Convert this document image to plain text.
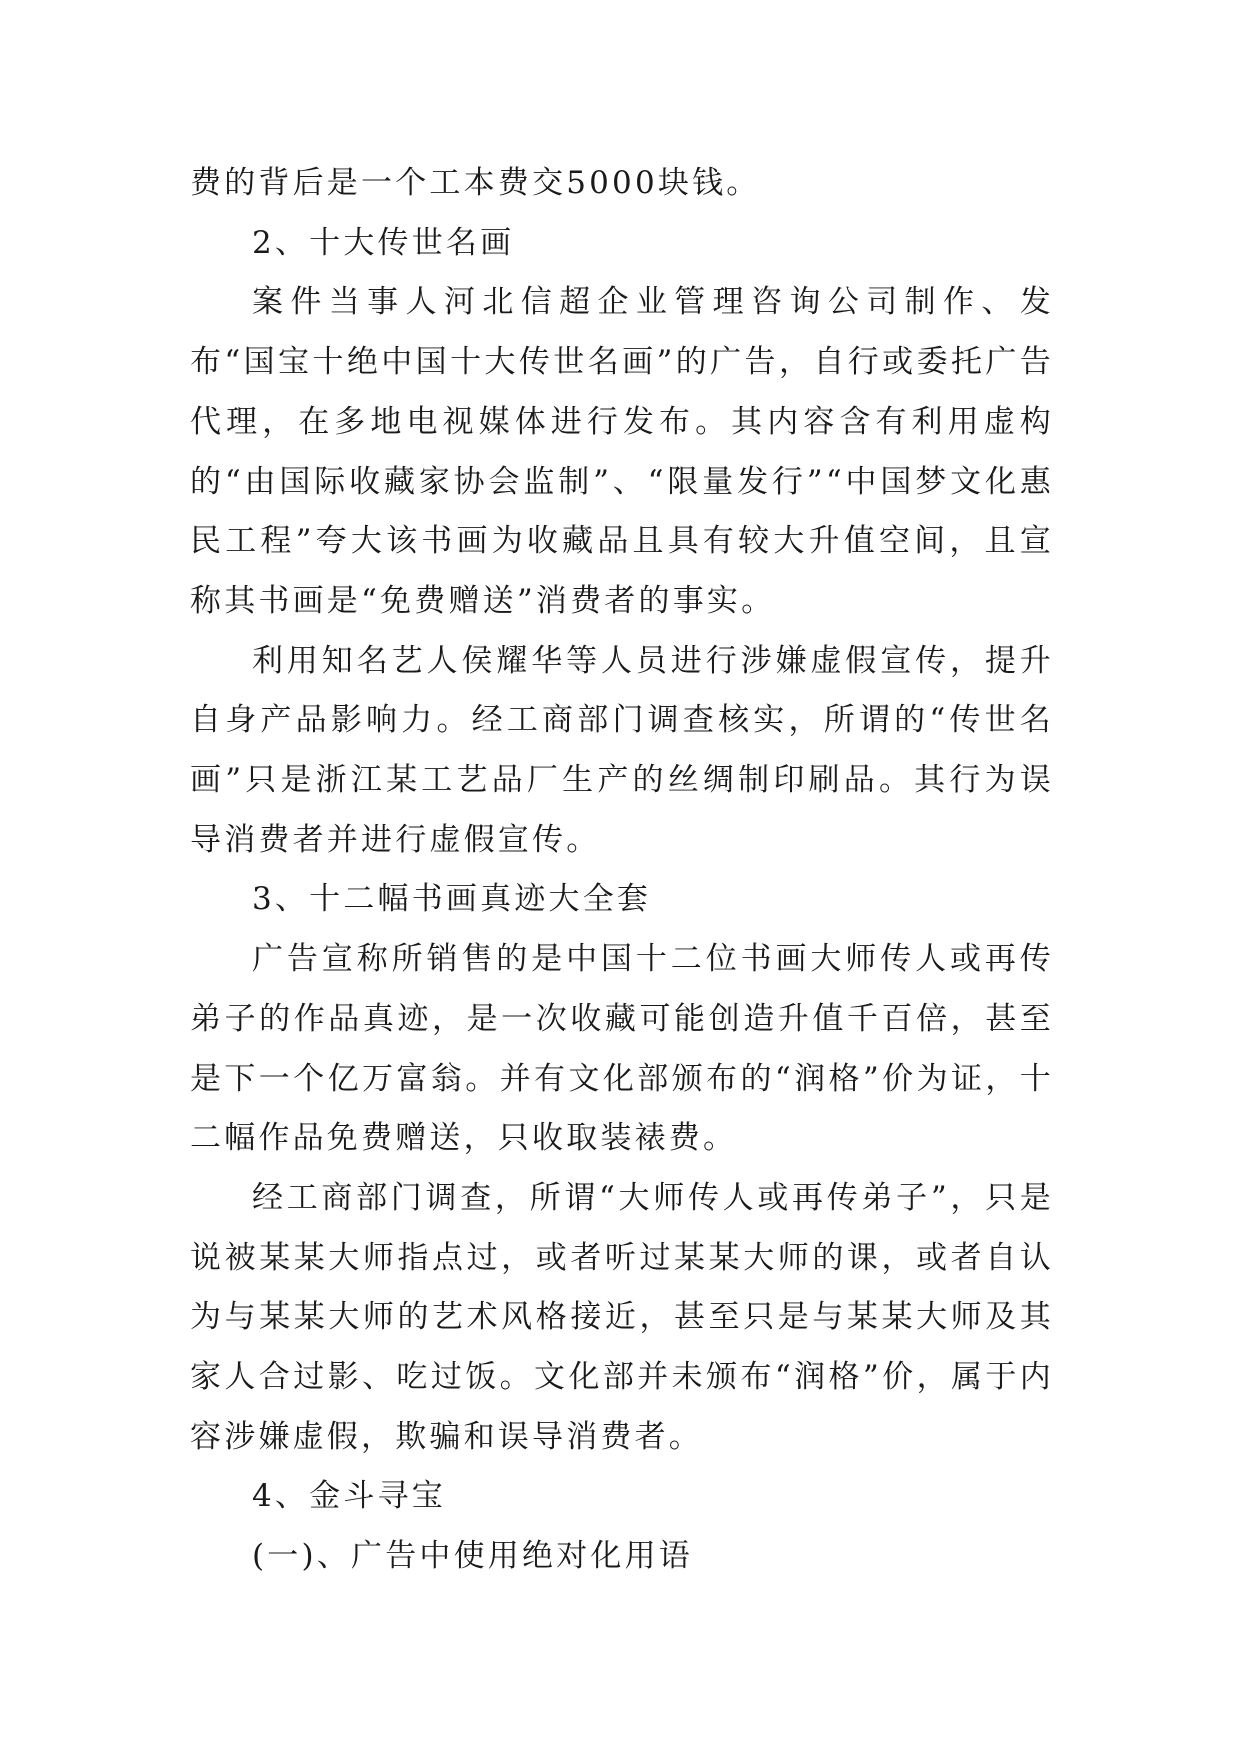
费的背后是一个工本费交5000块钱。

2、十大传世名画

案件当事人河北信超企业管理咨询公司制作、发布“国宝十绝中国十大传世名画”的广告，自行或委托广告代理，在多地电视媒体进行发布。其内容含有利用虚构的“由国际收藏家协会监制”、“限量发行”“中国梦文化惠民工程”夸大该书画为收藏品且具有较大升值空间，且宣称其书画是“免费赠送”消费者的事实。

利用知名艺人侯耀华等人员进行涉嫌虚假宣传，提升自身产品影响力。经工商部门调查核实，所谓的“传世名画”只是浙江某工艺品厂生产的丝绸制印刷品。其行为误导消费者并进行虚假宣传。

3、十二幅书画真迹大全套

广告宣称所销售的是中国十二位书画大师传人或再传弟子的作品真迹，是一次收藏可能创造升值千百倍，甚至是下一个亿万富翁。并有文化部颁布的“润格”价为证，十二幅作品免费赠送，只收取装裱费。

经工商部门调查，所谓“大师传人或再传弟子”，只是说被某某大师指点过，或者听过某某大师的课，或者自认为与某某大师的艺术风格接近，甚至只是与某某大师及其家人合过影、吃过饭。文化部并未颁布“润格”价，属于内容涉嫌虚假，欺骗和误导消费者。

4、金斗寻宝

(一)、广告中使用绝对化用语
